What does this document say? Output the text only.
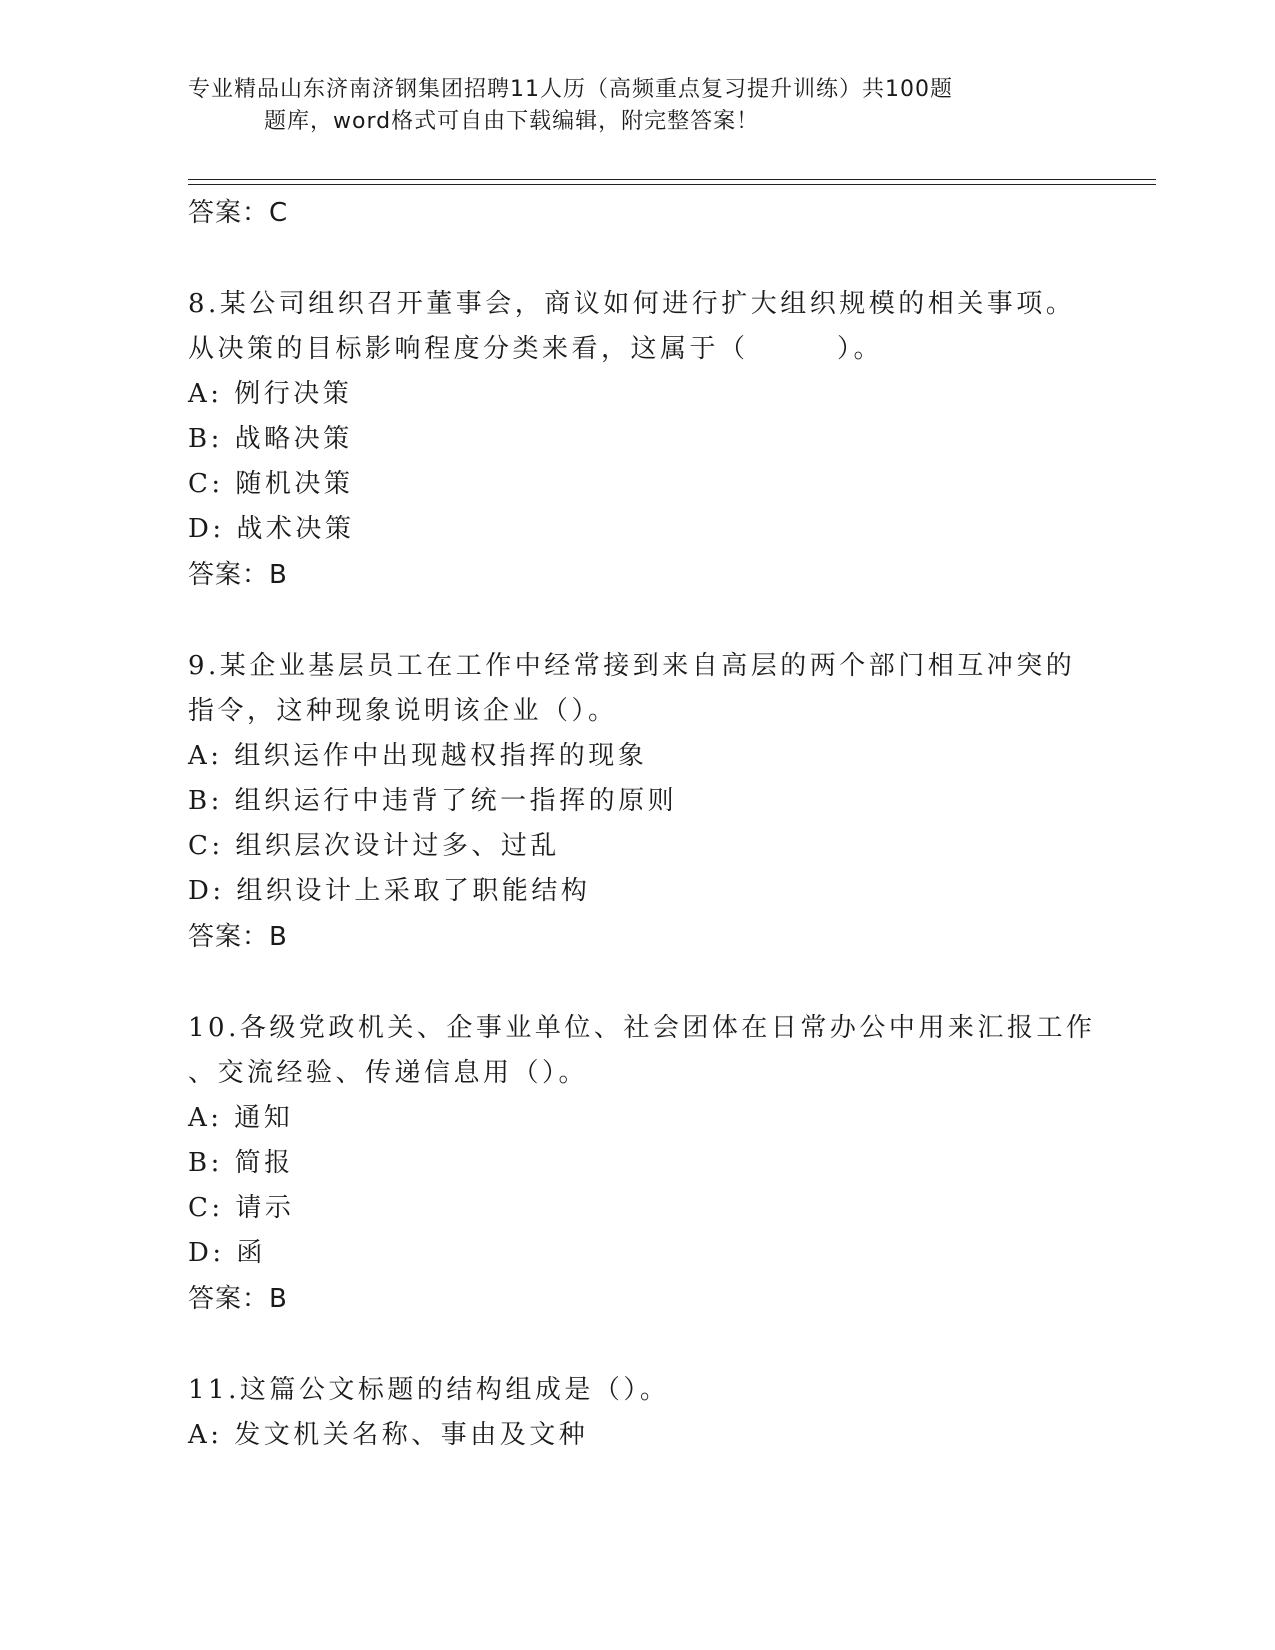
专业精品山东济南济钢集团招聘11人历（高频重点复习提升训练）共100题
题库，word格式可自由下载编辑，附完整答案！
答案：C
8.某公司组织召开董事会，商议如何进行扩大组织规模的相关事项。
从决策的目标影响程度分类来看，这属于（　　　）。
A: 例行决策
B: 战略决策
C: 随机决策
D: 战术决策
答案：B
9.某企业基层员工在工作中经常接到来自高层的两个部门相互冲突的
指令，这种现象说明该企业（）。
A: 组织运作中出现越权指挥的现象
B: 组织运行中违背了统一指挥的原则
C: 组织层次设计过多、过乱
D: 组织设计上采取了职能结构
答案：B
10.各级党政机关、企事业单位、社会团体在日常办公中用来汇报工作
、交流经验、传递信息用（）。
A: 通知
B: 简报
C: 请示
D: 函
答案：B
11.这篇公文标题的结构组成是（）。
A: 发文机关名称、事由及文种
